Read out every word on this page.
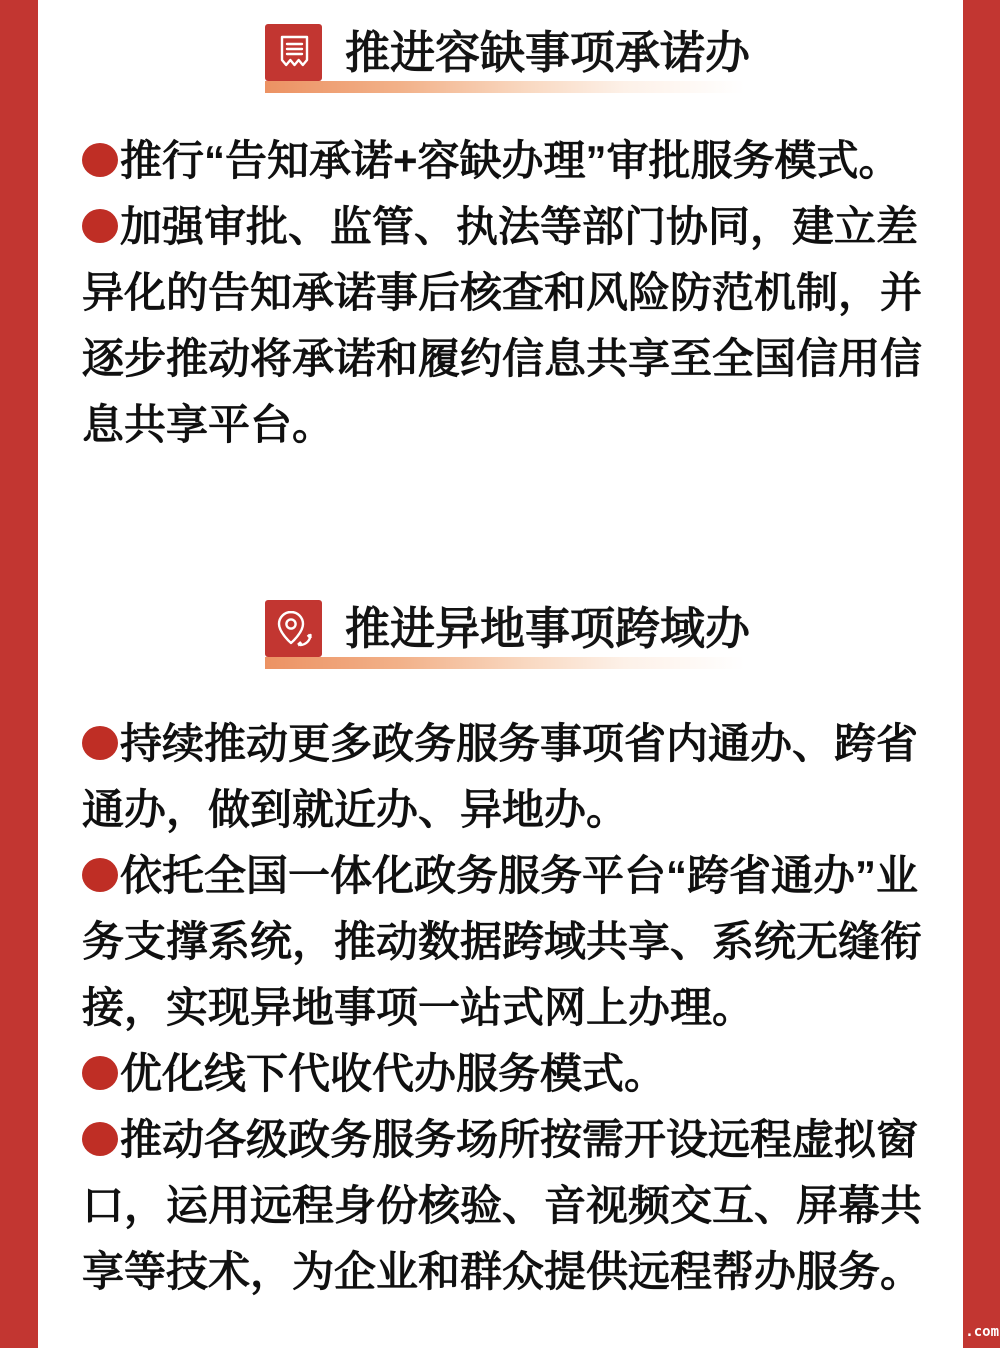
推进容缺事项承诺办

推行“告知承诺+容缺办理”审批服务模式。

加强审批、监管、执法等部门协同，建立差异化的告知承诺事后核查和风险防范机制，并逐步推动将承诺和履约信息共享至全国信用信息共享平台。

推进异地事项跨域办

持续推动更多政务服务事项省内通办、跨省通办，做到就近办、异地办。

依托全国一体化政务服务平台“跨省通办”业务支撑系统，推动数据跨域共享、系统无缝衔接，实现异地事项一站式网上办理。

优化线下代收代办服务模式。

推动各级政务服务场所按需开设远程虚拟窗口，运用远程身份核验、音视频交互、屏幕共享等技术，为企业和群众提供远程帮办服务。

.com
